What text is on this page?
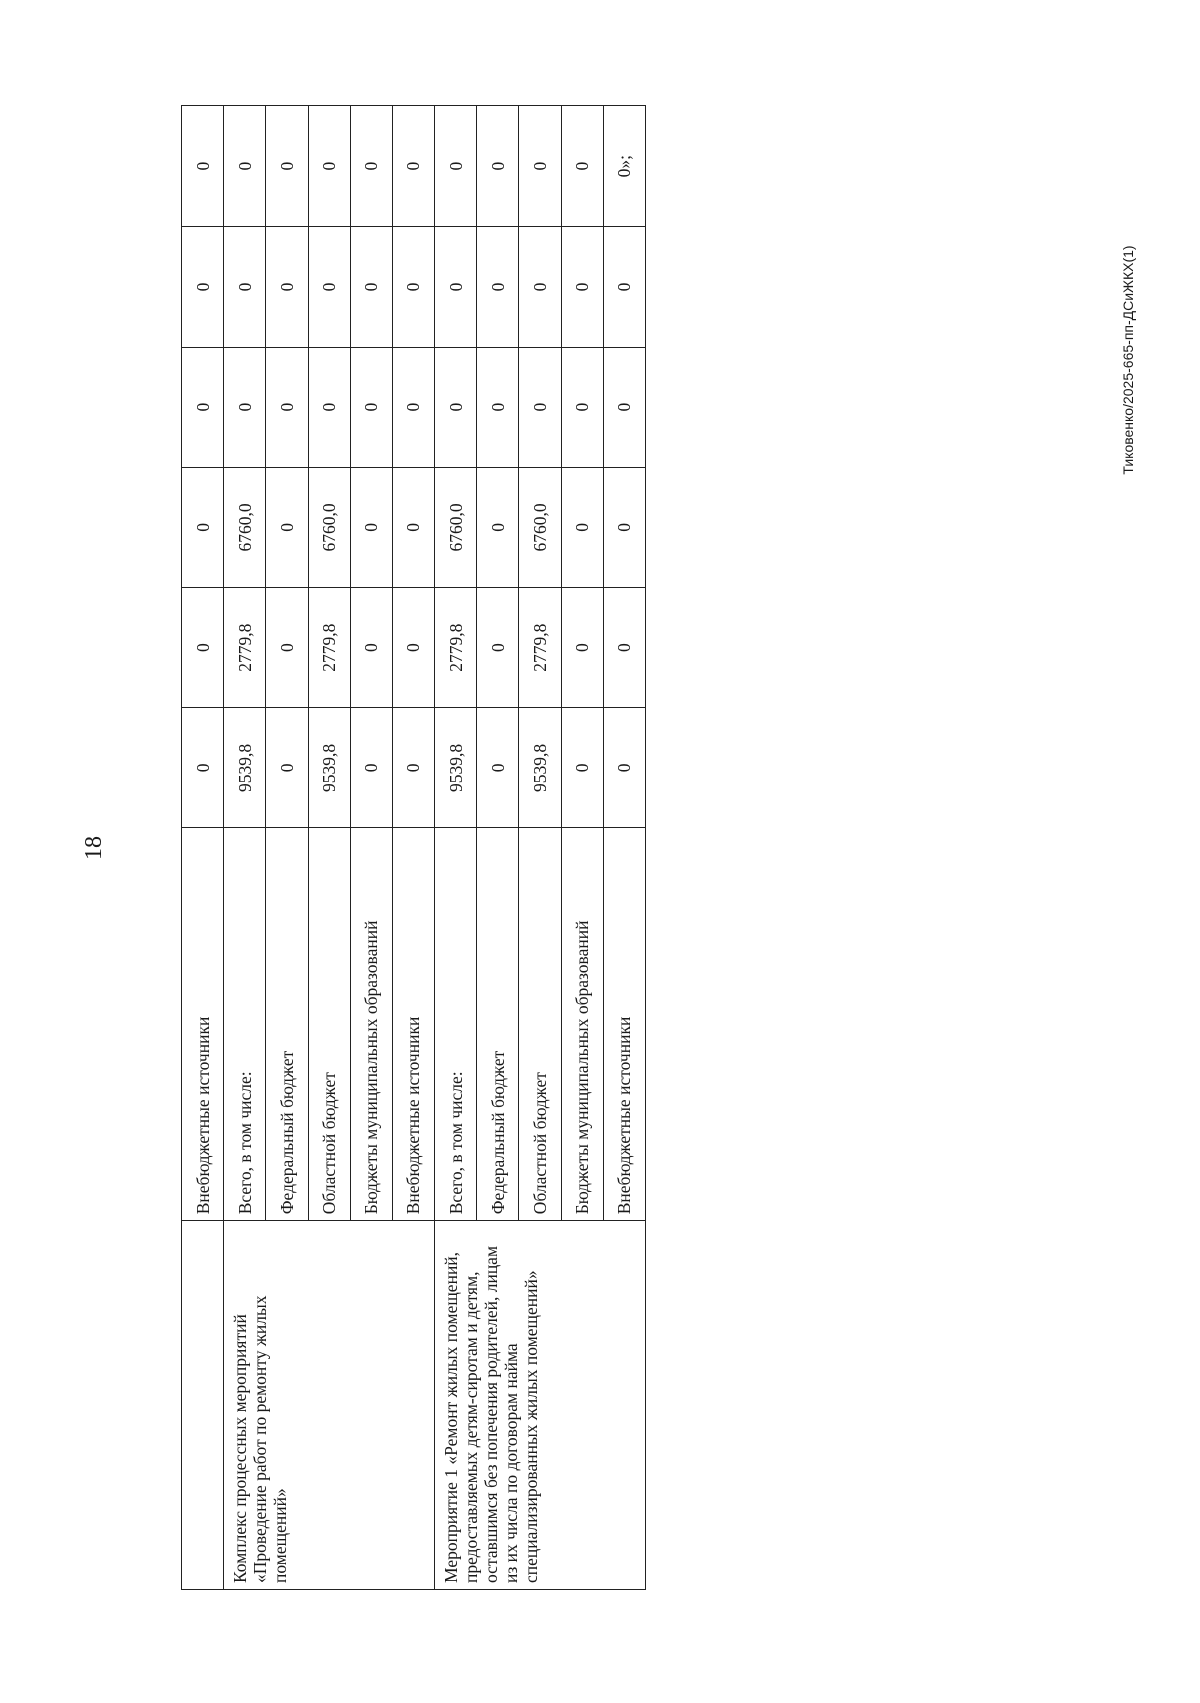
18
Тиковенко/2025-665-пп-ДСиЖКХ(1)
	Внебюджетные источники	0	0	0	0	0	0
Комплекс процессных мероприятий «Проведение работ по ремонту жилых помещений»	Всего, в том числе:	9539,8	2779,8	6760,0	0	0	0
	Федеральный бюджет	0	0	0	0	0	0
	Областной бюджет	9539,8	2779,8	6760,0	0	0	0
	Бюджеты муниципальных образований	0	0	0	0	0	0
	Внебюджетные источники	0	0	0	0	0	0
Мероприятие 1 «Ремонт жилых помещений, предоставляемых детям-сиротам и детям, оставшимся без попечения родителей, лицам из их числа по договорам найма специализированных жилых помещений»	Всего, в том числе:	9539,8	2779,8	6760,0	0	0	0
	Федеральный бюджет	0	0	0	0	0	0
	Областной бюджет	9539,8	2779,8	6760,0	0	0	0
	Бюджеты муниципальных образований	0	0	0	0	0	0
	Внебюджетные источники	0	0	0	0	0	0»;
